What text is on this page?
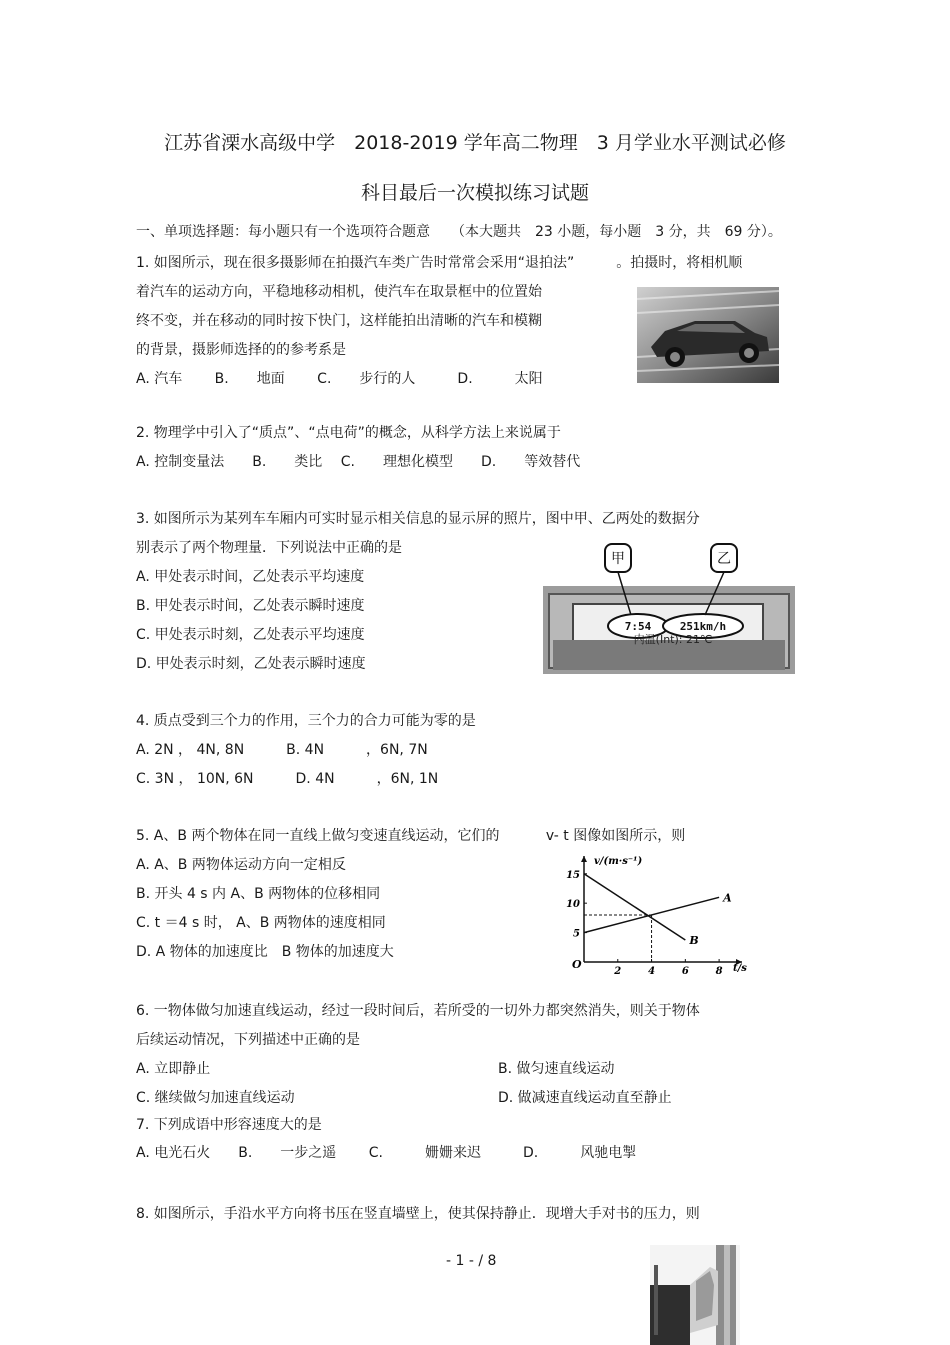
江苏省溧水高级中学　2018-2019 学年高二物理　3 月学业水平测试必修
科目最后一次模拟练习试题
一、单项选择题：每小题只有一个选项符合题意　　（本大题共　23 小题，每小题　3 分，共　69 分）。
1. 如图所示，现在很多摄影师在拍摄汽车类广告时常常会采用“退拍法”　　　。拍摄时，将相机顺
着汽车的运动方向，平稳地移动相机，使汽车在取景框中的位置始
终不变，并在移动的同时按下快门，这样能拍出清晰的汽车和模糊
的背景，摄影师选择的的参考系是
A. 汽车　　 B.　　地面　　 C.　　步行的人　　　D.　　　太阳
2. 物理学中引入了“质点”、“点电荷”的概念，从科学方法上来说属于
A. 控制变量法　　B.　　类比　 C.　　理想化模型　　D.　　等效替代
3. 如图所示为某列车车厢内可实时显示相关信息的显示屏的照片，图中甲、乙两处的数据分
别表示了两个物理量．下列说法中正确的是
A. 甲处表示时间，乙处表示平均速度
B. 甲处表示时间，乙处表示瞬时速度
C. 甲处表示时刻，乙处表示平均速度
D. 甲处表示时刻，乙处表示瞬时速度
7:54	251km/h
内温(Int): 21℃
甲	乙
4. 质点受到三个力的作用，三个力的合力可能为零的是
A. 2N ， 4N, 8N　　　B. 4N　　　，6N, 7N
C. 3N ， 10N, 6N　　　D. 4N　　　，6N, 1N
5. A、B 两个物体在同一直线上做匀变速直线运动，它们的　　　 v- t 图像如图所示，则
A. A、B 两物体运动方向一定相反
B. 开头 4 s 内 A、B 两物体的位移相同
C. t ＝4 s 时， A、B 两物体的速度相同
D. A 物体的加速度比　B 物体的加速度大
2	4	6	8
5
10
15
A
B
v/(m·s⁻¹)
t/s
O
6. 一物体做匀加速直线运动，经过一段时间后，若所受的一切外力都突然消失，则关于物体
后续运动情况，下列描述中正确的是
A. 立即静止	B. 做匀速直线运动
C. 继续做匀加速直线运动	D. 做减速直线运动直至静止
7. 下列成语中形容速度大的是
A. 电光石火　　B.　　一步之遥　　 C.　　　姗姗来迟　　　D.　　　风驰电掣
8. 如图所示，手沿水平方向将书压在竖直墙壁上，使其保持静止．现增大手对书的压力，则
- 1 - / 8
